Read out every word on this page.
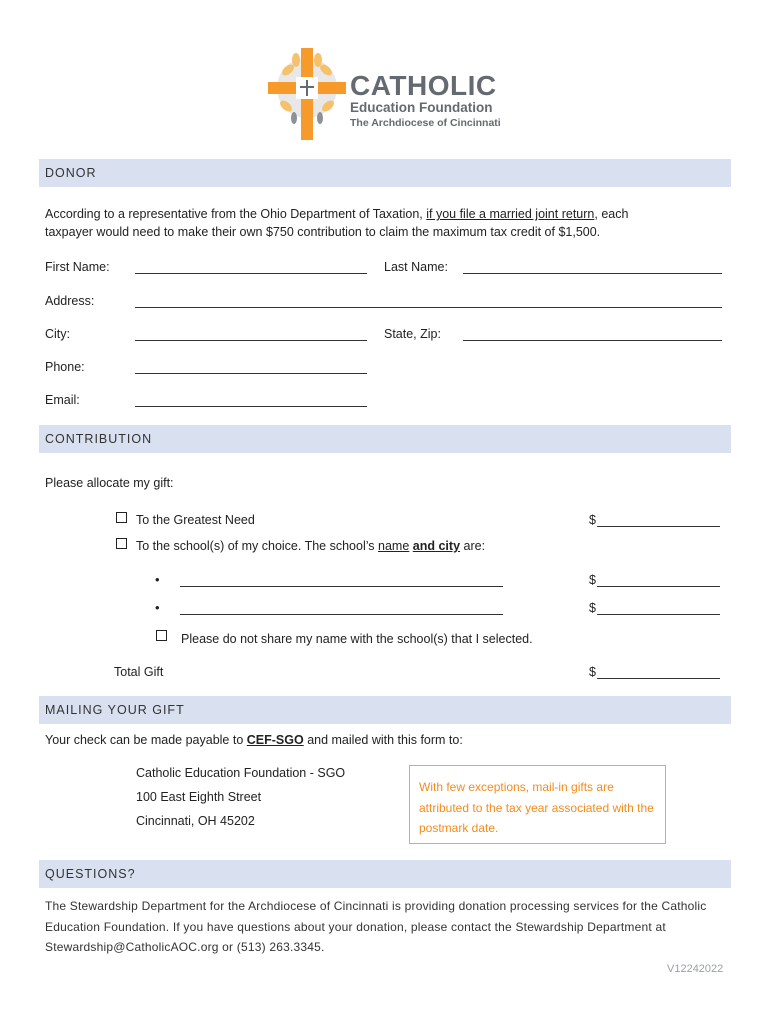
CATHOLIC
Education Foundation
The Archdiocese of Cincinnati
DONOR
According to a representative from the Ohio Department of Taxation, if you file a married joint return, each
taxpayer would need to make their own $750 contribution to claim the maximum tax credit of $1,500.
First Name:	Last Name:
Address:
City:	State, Zip:
Phone:
Email:
CONTRIBUTION
Please allocate my gift:
To the Greatest Need	$
To the school(s) of my choice. The school’s name and city are:
•	$
•	$
Please do not share my name with the school(s) that I selected.
Total Gift	$
MAILING YOUR GIFT
Your check can be made payable to CEF-SGO and mailed with this form to:
Catholic Education Foundation - SGO
100 East Eighth Street
Cincinnati, OH 45202
With few exceptions, mail-in gifts are attributed to the tax year associated with the postmark date.
QUESTIONS?
The Stewardship Department for the Archdiocese of Cincinnati is providing donation processing services for the Catholic Education Foundation. If you have questions about your donation, please contact the Stewardship Department at Stewardship@CatholicAOC.org or (513) 263.3345.
V12242022
